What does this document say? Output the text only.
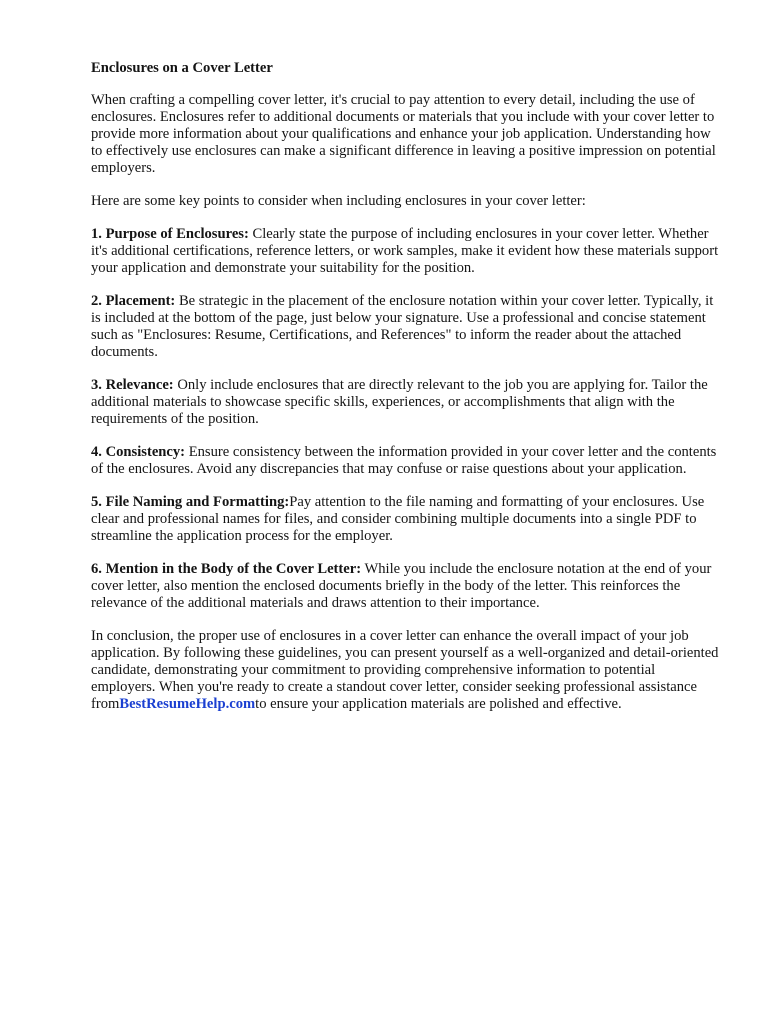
Enclosures on a Cover Letter

When crafting a compelling cover letter, it's crucial to pay attention to every detail, including the use of enclosures. Enclosures refer to additional documents or materials that you include with your cover letter to provide more information about your qualifications and enhance your job application. Understanding how to effectively use enclosures can make a significant difference in leaving a positive impression on potential employers.

Here are some key points to consider when including enclosures in your cover letter:

1. Purpose of Enclosures: Clearly state the purpose of including enclosures in your cover letter. Whether it's additional certifications, reference letters, or work samples, make it evident how these materials support your application and demonstrate your suitability for the position.

2. Placement: Be strategic in the placement of the enclosure notation within your cover letter. Typically, it is included at the bottom of the page, just below your signature. Use a professional and concise statement such as "Enclosures: Resume, Certifications, and References" to inform the reader about the attached documents.

3. Relevance: Only include enclosures that are directly relevant to the job you are applying for. Tailor the additional materials to showcase specific skills, experiences, or accomplishments that align with the requirements of the position.

4. Consistency: Ensure consistency between the information provided in your cover letter and the contents of the enclosures. Avoid any discrepancies that may confuse or raise questions about your application.

5. File Naming and Formatting:Pay attention to the file naming and formatting of your enclosures. Use clear and professional names for files, and consider combining multiple documents into a single PDF to streamline the application process for the employer.

6. Mention in the Body of the Cover Letter: While you include the enclosure notation at the end of your cover letter, also mention the enclosed documents briefly in the body of the letter. This reinforces the relevance of the additional materials and draws attention to their importance.

In conclusion, the proper use of enclosures in a cover letter can enhance the overall impact of your job application. By following these guidelines, you can present yourself as a well-organized and detail-oriented candidate, demonstrating your commitment to providing comprehensive information to potential employers. When you're ready to create a standout cover letter, consider seeking professional assistance fromBestResumeHelp.comto ensure your application materials are polished and effective.
